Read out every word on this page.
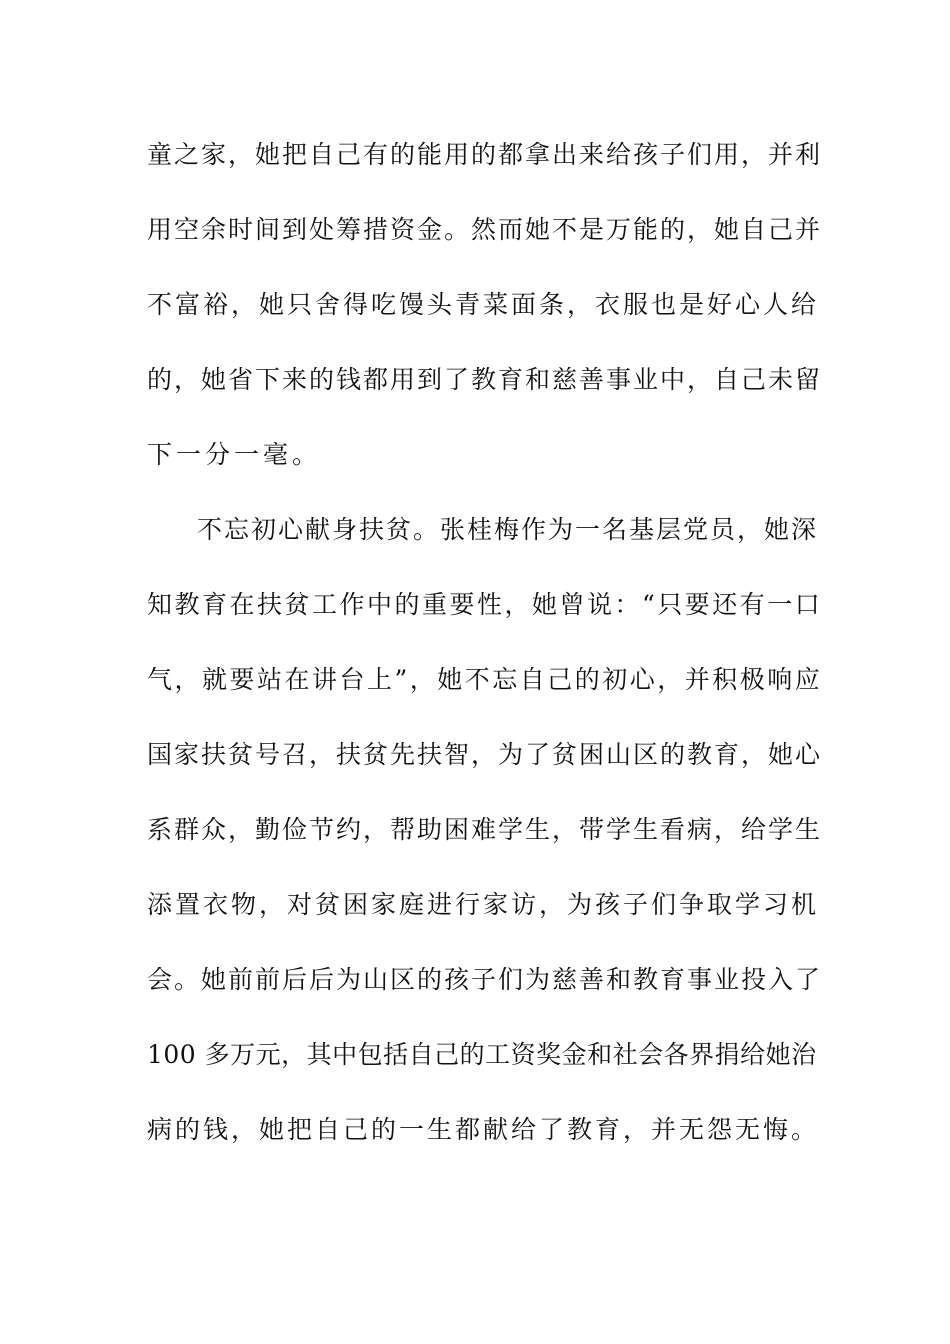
童之家，她把自己有的能用的都拿出来给孩子们用，并利
用空余时间到处筹措资金。然而她不是万能的，她自己并
不富裕，她只舍得吃馒头青菜面条，衣服也是好心人给
的，她省下来的钱都用到了教育和慈善事业中，自己未留
下一分一毫。
不忘初心献身扶贫。张桂梅作为一名基层党员，她深
知教育在扶贫工作中的重要性，她曾说：“只要还有一口
气，就要站在讲台上”，她不忘自己的初心，并积极响应
国家扶贫号召，扶贫先扶智，为了贫困山区的教育，她心
系群众，勤俭节约，帮助困难学生，带学生看病，给学生
添置衣物，对贫困家庭进行家访，为孩子们争取学习机
会。她前前后后为山区的孩子们为慈善和教育事业投入了
100 多万元，其中包括自己的工资奖金和社会各界捐给她治
病的钱，她把自己的一生都献给了教育，并无怨无悔。
